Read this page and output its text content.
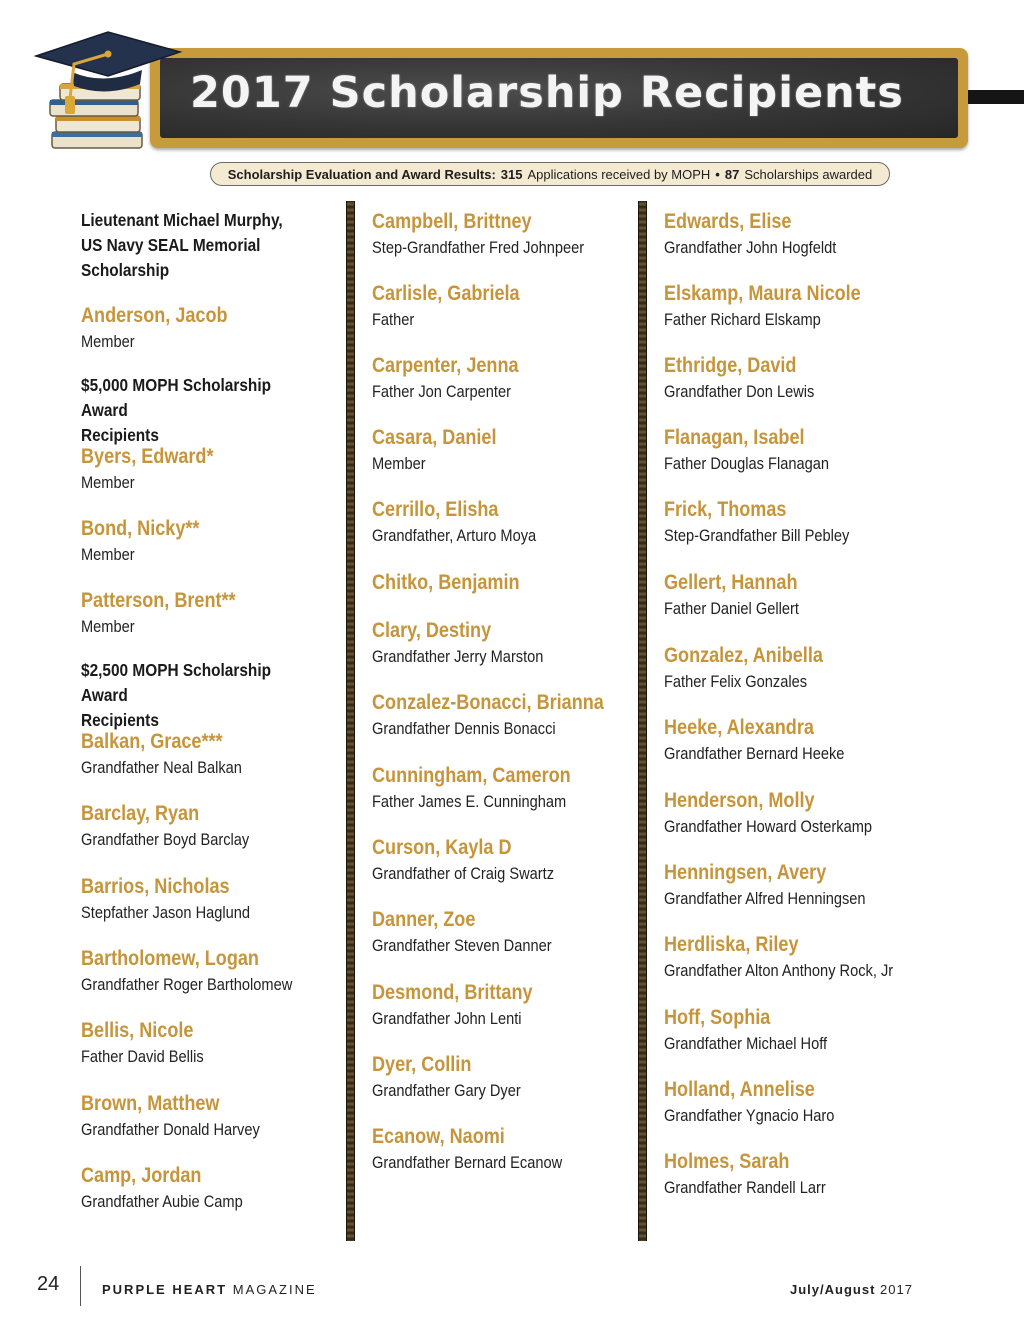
2017 Scholarship Recipients
Scholarship Evaluation and Award Results: 315 Applications received by MOPH • 87 Scholarships awarded
Lieutenant Michael Murphy,
US Navy SEAL Memorial
Scholarship
Anderson, Jacob
Member
$5,000 MOPH Scholarship Award
Recipients
Byers, Edward*
Member
Bond, Nicky**
Member
Patterson, Brent**
Member
$2,500 MOPH Scholarship Award
Recipients
Balkan, Grace***
Grandfather Neal Balkan
Barclay, Ryan
Grandfather Boyd Barclay
Barrios, Nicholas
Stepfather Jason Haglund
Bartholomew, Logan
Grandfather Roger Bartholomew
Bellis, Nicole
Father David Bellis
Brown, Matthew
Grandfather Donald Harvey
Camp, Jordan
Grandfather Aubie Camp
Campbell, Brittney
Step-Grandfather Fred Johnpeer
Carlisle, Gabriela
Father
Carpenter, Jenna
Father Jon Carpenter
Casara, Daniel
Member
Cerrillo, Elisha
Grandfather, Arturo Moya
Chitko, Benjamin
Clary, Destiny
Grandfather Jerry Marston
Conzalez-Bonacci, Brianna
Grandfather Dennis Bonacci
Cunningham, Cameron
Father James E. Cunningham
Curson, Kayla D
Grandfather of Craig Swartz
Danner, Zoe
Grandfather Steven Danner
Desmond, Brittany
Grandfather John Lenti
Dyer, Collin
Grandfather Gary Dyer
Ecanow, Naomi
Grandfather Bernard Ecanow
Edwards, Elise
Grandfather John Hogfeldt
Elskamp, Maura Nicole
Father Richard Elskamp
Ethridge, David
Grandfather Don Lewis
Flanagan, Isabel
Father Douglas Flanagan
Frick, Thomas
Step-Grandfather Bill Pebley
Gellert, Hannah
Father Daniel Gellert
Gonzalez, Anibella
Father Felix Gonzales
Heeke, Alexandra
Grandfather Bernard Heeke
Henderson, Molly
Grandfather Howard Osterkamp
Henningsen, Avery
Grandfather Alfred Henningsen
Herdliska, Riley
Grandfather Alton Anthony Rock, Jr
Hoff, Sophia
Grandfather Michael Hoff
Holland, Annelise
Grandfather Ygnacio Haro
Holmes, Sarah
Grandfather Randell Larr
24	PURPLE HEART MAGAZINE	July/August 2017
